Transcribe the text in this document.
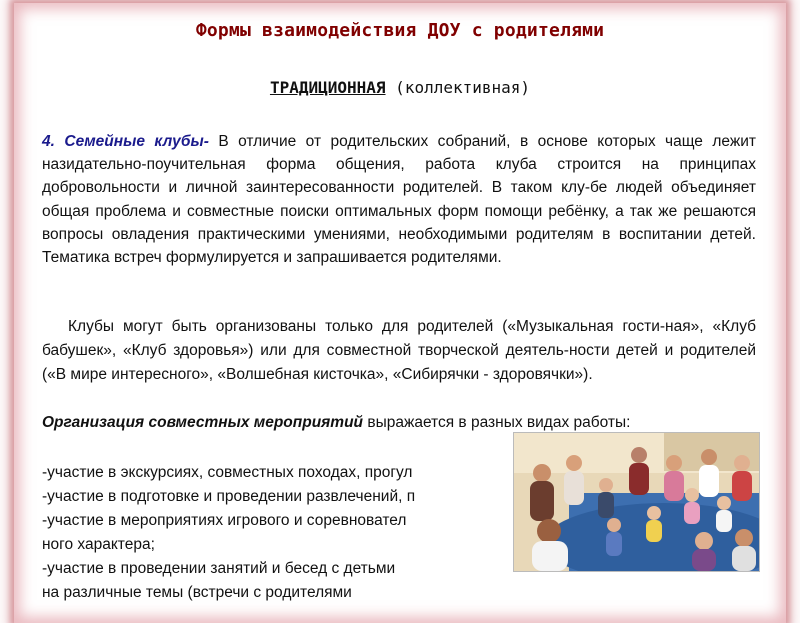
Формы взаимодействия ДОУ с родителями
ТРАДИЦИОННАЯ (коллективная)
4. Семейные клубы- В отличие от родительских собраний, в основе которых чаще лежит назидательно-поучительная форма общения, работа клуба строится на принципах добровольности и личной заинтересованности родителей. В таком клу-бе людей объединяет общая проблема и совместные поиски оптимальных форм помощи ребёнку, а так же решаются вопросы овладения практическими умениями, необходимыми родителям в воспитании детей. Тематика встреч формулируется и запрашивается родителями.
Клубы могут быть организованы только для родителей («Музыкальная гости-ная», «Клуб бабушек», «Клуб здоровья») или для совместной творческой деятель-ности детей и родителей («В мире интересного», «Волшебная кисточка», «Сибирячки - здоровячки»).
Организация совместных мероприятий выражается в разных видах работы:
-участие в экскурсиях, совместных походах, прогул
-участие в подготовке и проведении развлечений, п
-участие в мероприятиях игрового и соревновател
ного характера;
-участие в проведении занятий и бесед с детьми
на различные темы (встречи с родителями
